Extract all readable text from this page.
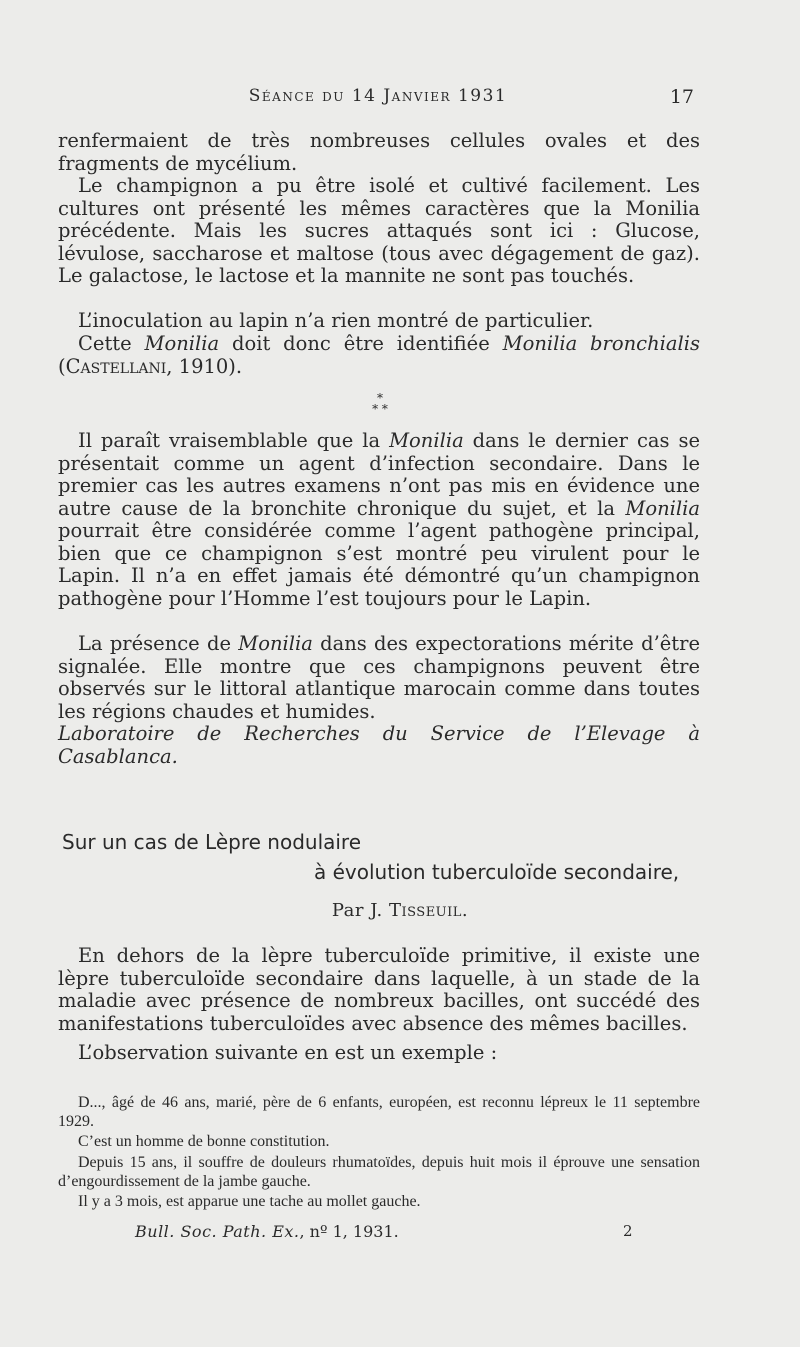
Séance du 14 Janvier 1931	17

renfermaient de très nombreuses cellules ovales et des fragments de mycélium.

Le champignon a pu être isolé et cultivé facilement. Les cultures ont présenté les mêmes caractères que la Monilia précédente. Mais les sucres attaqués sont ici : Glucose, lévulose, saccharose et maltose (tous avec dégagement de gaz). Le galactose, le lactose et la mannite ne sont pas touchés.

L’inoculation au lapin n’a rien montré de particulier.

Cette Monilia doit donc être identifiée Monilia bronchialis (Castellani, 1910).

*
* *

Il paraît vraisemblable que la Monilia dans le dernier cas se présentait comme un agent d’infection secondaire. Dans le premier cas les autres examens n’ont pas mis en évidence une autre cause de la bronchite chronique du sujet, et la Monilia pourrait être considérée comme l’agent pathogène principal, bien que ce champignon s’est montré peu virulent pour le Lapin. Il n’a en effet jamais été démontré qu’un champignon pathogène pour l’Homme l’est toujours pour le Lapin.

La présence de Monilia dans des expectorations mérite d’être signalée. Elle montre que ces champignons peuvent être observés sur le littoral atlantique marocain comme dans toutes les régions chaudes et humides.

Laboratoire de Recherches du Service de l’Elevage à Casablanca.

Sur un cas de Lèpre nodulaire
à évolution tuberculoïde secondaire,
Par J. Tisseuil.

En dehors de la lèpre tuberculoïde primitive, il existe une lèpre tuberculoïde secondaire dans laquelle, à un stade de la maladie avec présence de nombreux bacilles, ont succédé des manifestations tuberculoïdes avec absence des mêmes bacilles.

L’observation suivante en est un exemple :

D..., âgé de 46 ans, marié, père de 6 enfants, européen, est reconnu lépreux le 11 septembre 1929.

C’est un homme de bonne constitution.

Depuis 15 ans, il souffre de douleurs rhumatoïdes, depuis huit mois il éprouve une sensation d’engourdissement de la jambe gauche.

Il y a 3 mois, est apparue une tache au mollet gauche.

Bull. Soc. Path. Ex., nº 1, 1931.	2
